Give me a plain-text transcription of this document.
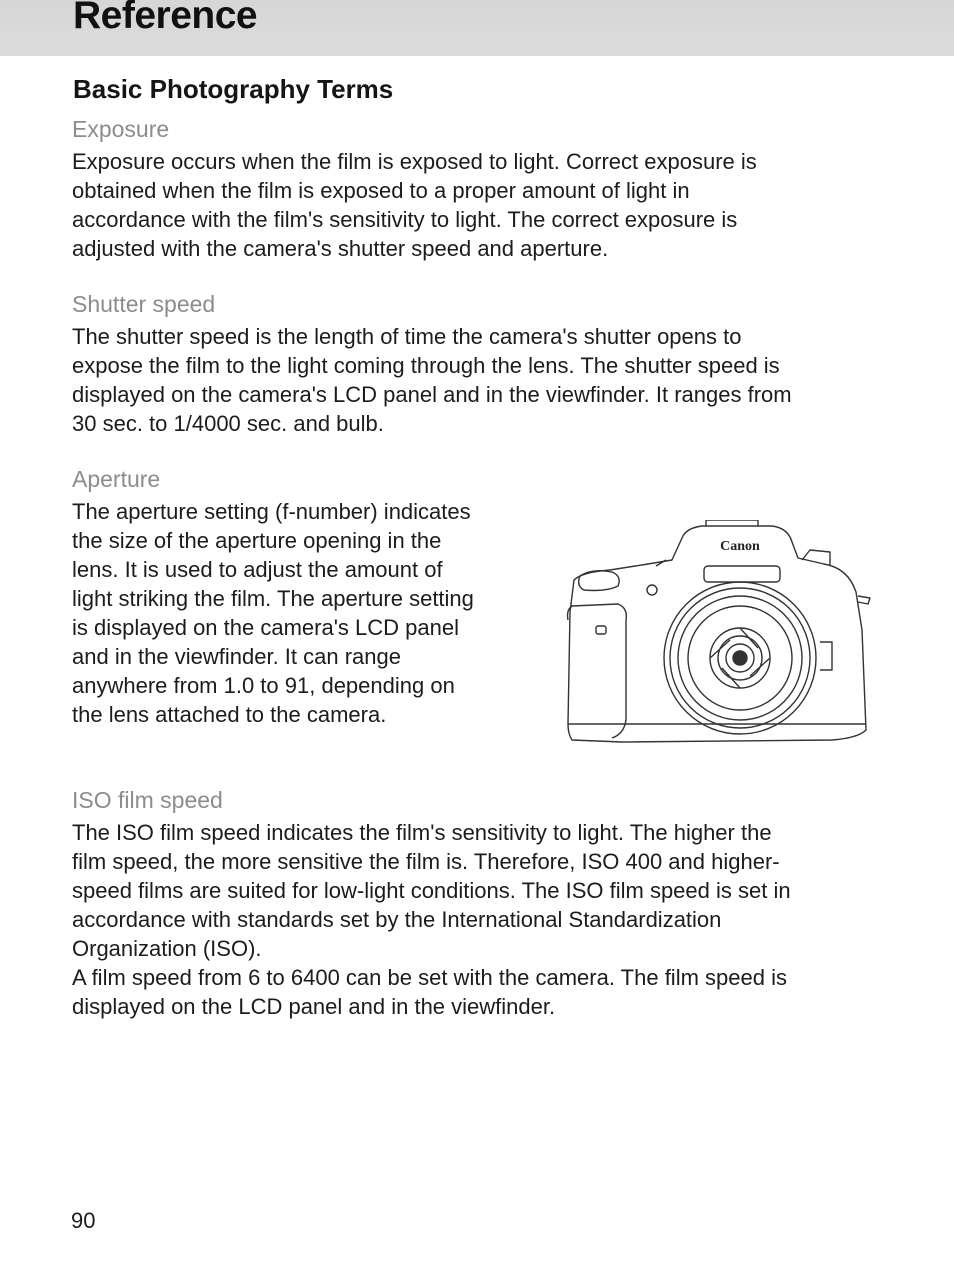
Reference
Basic Photography Terms
Exposure
Exposure occurs when the film is exposed to light. Correct exposure is
obtained when the film is exposed to a proper amount of light in
accordance with the film's sensitivity to light. The correct exposure is
adjusted with the camera's shutter speed and aperture.
Shutter speed
The shutter speed is the length of time the camera's shutter opens to
expose the film to the light coming through the lens. The shutter speed is
displayed on the camera's LCD panel and in the viewfinder. It ranges from
30 sec. to 1/4000 sec. and bulb.
Aperture
The aperture setting (f-number) indicates
the size of the aperture opening in the
lens. It is used to adjust the amount of
light striking the film. The aperture setting
is displayed on the camera's LCD panel
and in the viewfinder. It can range
anywhere from 1.0 to 91, depending on
the lens attached to the camera.
Canon
ISO film speed
The ISO film speed indicates the film's sensitivity to light. The higher the
film speed, the more sensitive the film is. Therefore, ISO 400 and higher-
speed films are suited for low-light conditions. The ISO film speed is set in
accordance with standards set by the International Standardization
Organization (ISO).
A film speed from 6 to 6400 can be set with the camera. The film speed is
displayed on the LCD panel and in the viewfinder.
90
